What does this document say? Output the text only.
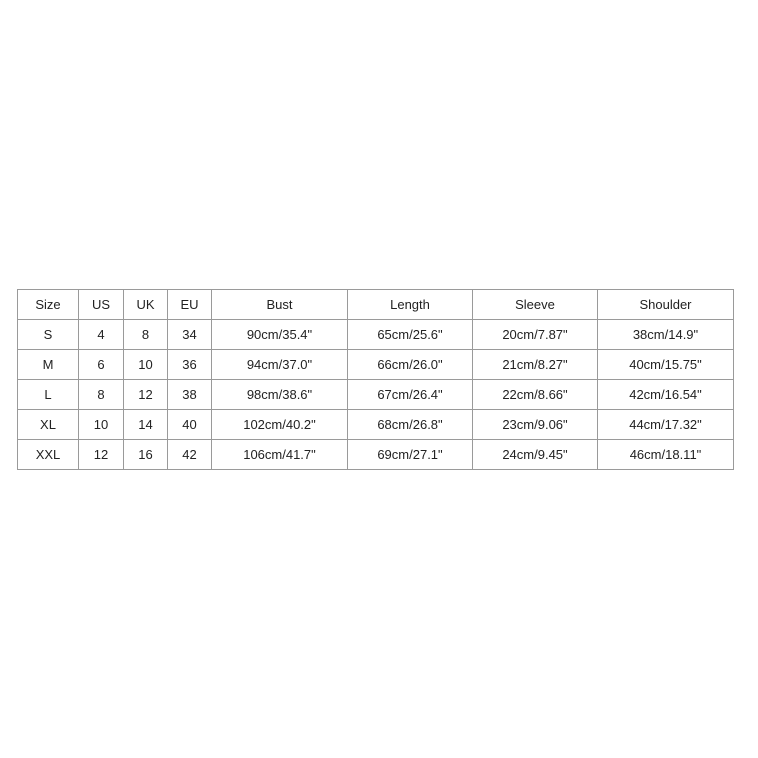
Size	US	UK	EU	Bust	Length	Sleeve	Shoulder
S	4	8	34	90cm/35.4"	65cm/25.6"	20cm/7.87"	38cm/14.9"
M	6	10	36	94cm/37.0"	66cm/26.0"	21cm/8.27"	40cm/15.75"
L	8	12	38	98cm/38.6"	67cm/26.4"	22cm/8.66"	42cm/16.54"
XL	10	14	40	102cm/40.2"	68cm/26.8"	23cm/9.06"	44cm/17.32"
XXL	12	16	42	106cm/41.7"	69cm/27.1"	24cm/9.45"	46cm/18.11"
